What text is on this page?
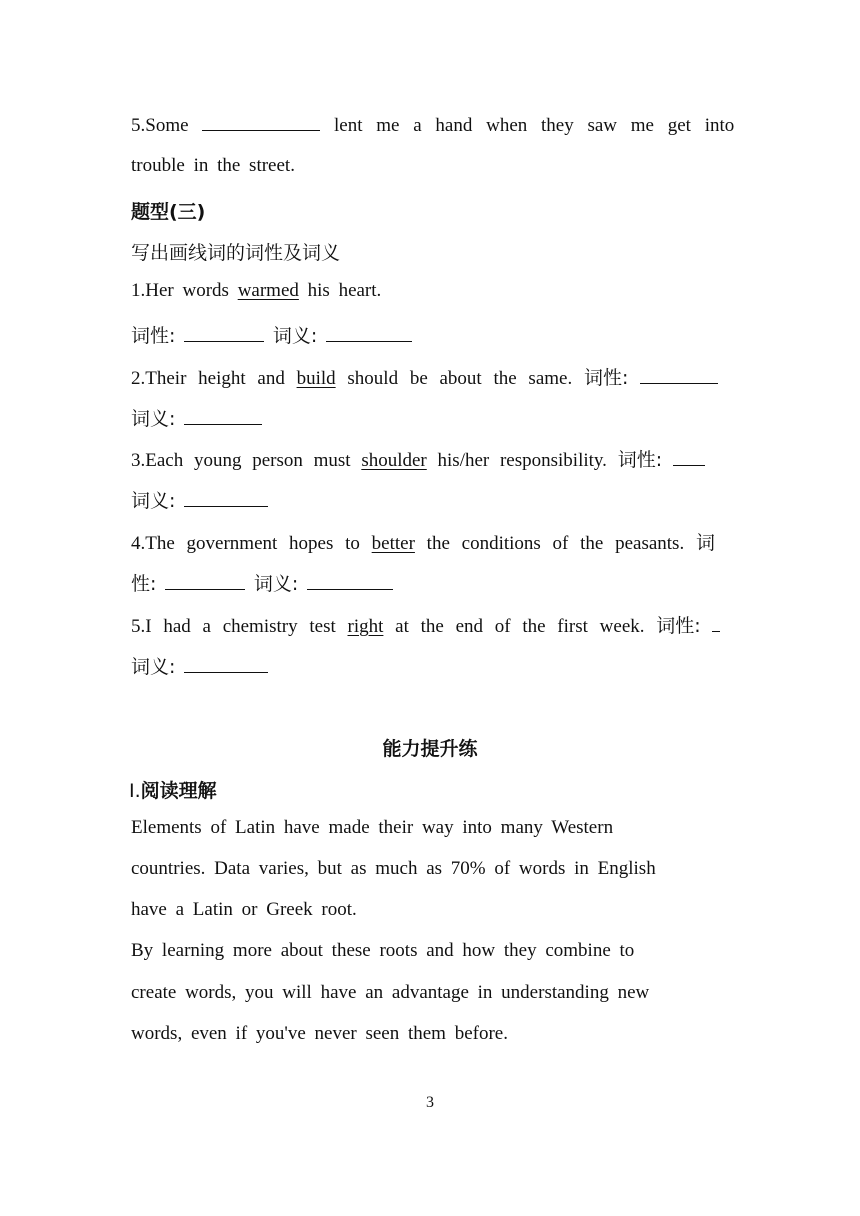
5.Some	lent me a hand when they saw me get into
trouble in the street.
题型(三)
写出画线词的词性及词义
1.Her words warmed his heart.
词性:	词义:
2.Their height and build should be about the same. 词性:
词义:
3.Each young person must shoulder his/her responsibility. 词性:
词义:
4.The government hopes to better the conditions of the peasants. 词
性:	词义:
5.I had a chemistry test right at the end of the first week. 词性:
词义:
能力提升练
Ⅰ.阅读理解
Elements of Latin have made their way into many Western
countries. Data varies, but as much as 70% of words in English
have a Latin or Greek root.
By learning more about these roots and how they combine to
create words, you will have an advantage in understanding new
words, even if you've never seen them before.
3
